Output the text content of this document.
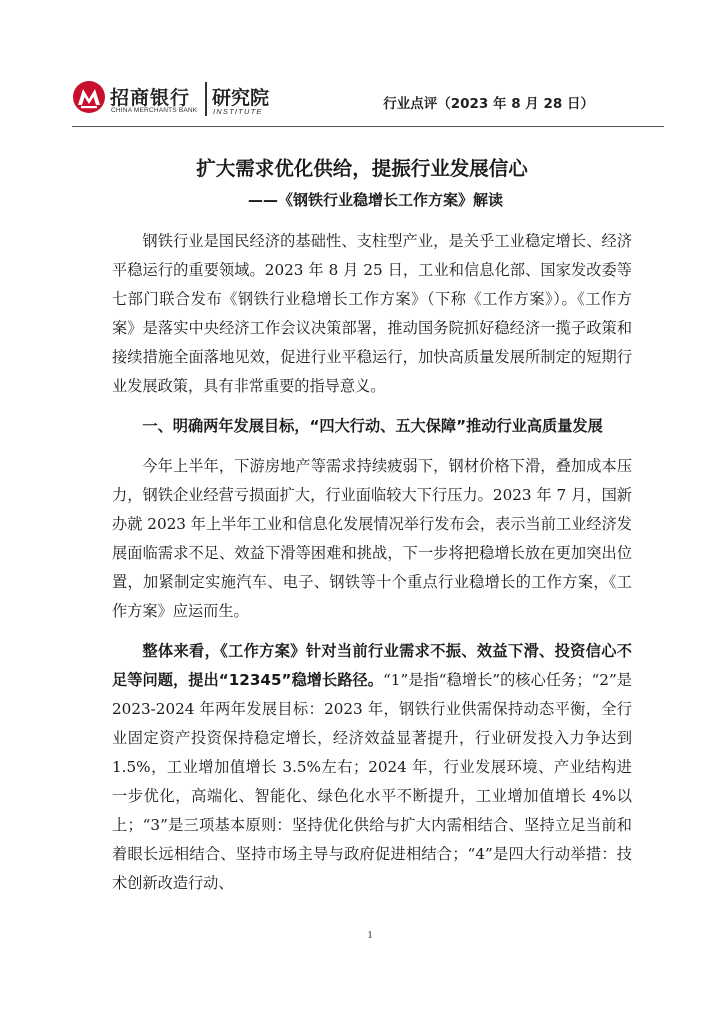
招商银行
CHINA MERCHANTS BANK
研究院
INSTITUTE	行业点评（2023 年 8 月 28 日）
扩大需求优化供给，提振行业发展信心
——《钢铁行业稳增长工作方案》解读

钢铁行业是国民经济的基础性、支柱型产业，是关乎工业稳定增长、经济平稳运行的重要领域。2023 年 8 月 25 日，工业和信息化部、国家发改委等七部门联合发布《钢铁行业稳增长工作方案》（下称《工作方案》）。《工作方案》是落实中央经济工作会议决策部署，推动国务院抓好稳经济一揽子政策和接续措施全面落地见效，促进行业平稳运行，加快高质量发展所制定的短期行业发展政策，具有非常重要的指导意义。

一、明确两年发展目标，“四大行动、五大保障”推动行业高质量发展

今年上半年，下游房地产等需求持续疲弱下，钢材价格下滑，叠加成本压力，钢铁企业经营亏损面扩大，行业面临较大下行压力。2023 年 7 月，国新办就 2023 年上半年工业和信息化发展情况举行发布会，表示当前工业经济发展面临需求不足、效益下滑等困难和挑战，下一步将把稳增长放在更加突出位置，加紧制定实施汽车、电子、钢铁等十个重点行业稳增长的工作方案，《工作方案》应运而生。

整体来看，《工作方案》针对当前行业需求不振、效益下滑、投资信心不足等问题，提出“12345”稳增长路径。“1”是指“稳增长”的核心任务；“2”是 2023-2024 年两年发展目标：2023 年，钢铁行业供需保持动态平衡，全行业固定资产投资保持稳定增长，经济效益显著提升，行业研发投入力争达到 1.5%，工业增加值增长 3.5%左右；2024 年，行业发展环境、产业结构进一步优化，高端化、智能化、绿色化水平不断提升，工业增加值增长 4%以上；“3”是三项基本原则：坚持优化供给与扩大内需相结合、坚持立足当前和着眼长远相结合、坚持市场主导与政府促进相结合；“4”是四大行动举措：技术创新改造行动、

1
